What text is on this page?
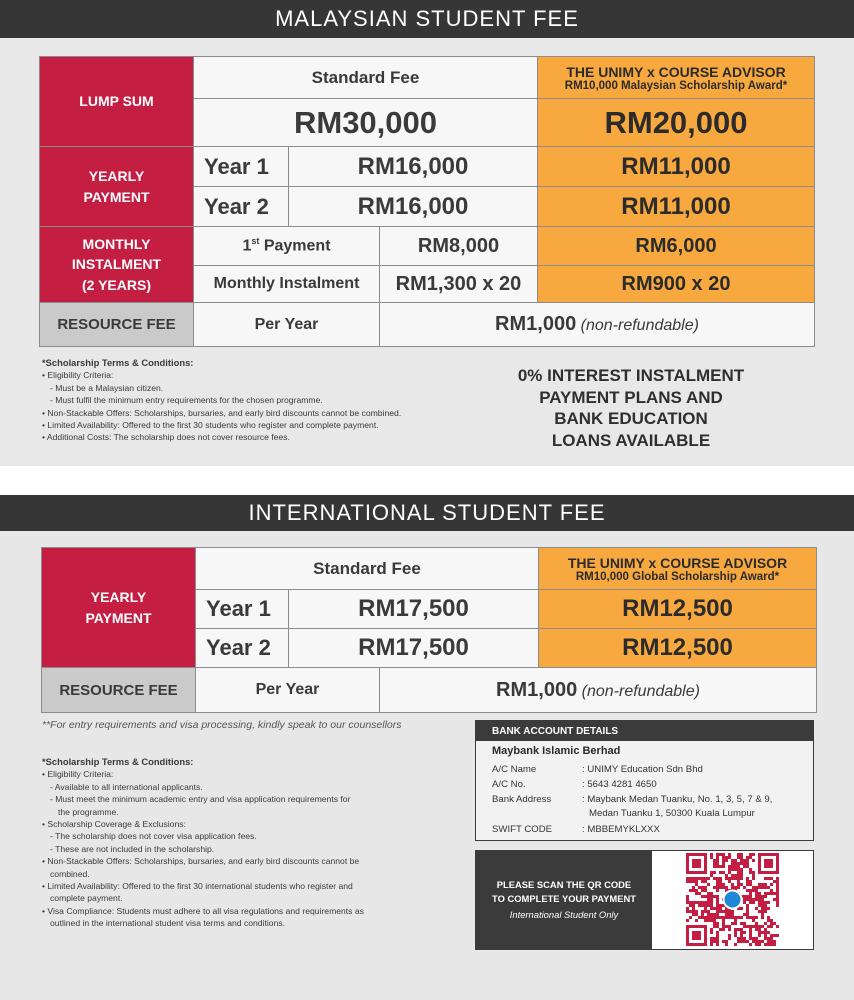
MALAYSIAN STUDENT FEE
LUMP SUM	Standard Fee			THE UNIMY x COURSE ADVISOR
RM10,000 Malaysian Scholarship Award*

	RM30,000			RM20,000
YEARLY PAYMENT	Year 1	RM16,000		RM11,000
	Year 2	RM16,000		RM11,000
MONTHLY
INSTALMENT
(2 YEARS)	1st Payment		RM8,000	RM6,000
	Monthly Instalment		RM1,300 x 20	RM900 x 20
RESOURCE FEE	Per Year		RM1,000 (non-refundable)	
*Scholarship Terms & Conditions:
• Eligibility Criteria:
- Must be a Malaysian citizen.
- Must fulfil the minimum entry requirements for the chosen programme.
• Non-Stackable Offers: Scholarships, bursaries, and early bird discounts cannot be combined.
• Limited Availability: Offered to the first 30 students who register and complete payment.
• Additional Costs: The scholarship does not cover resource fees.
0% INTEREST INSTALMENT
PAYMENT PLANS AND
BANK EDUCATION
LOANS AVAILABLE
INTERNATIONAL STUDENT FEE
YEARLY PAYMENT	Standard Fee			THE UNIMY x COURSE ADVISOR
RM10,000 Global Scholarship Award*

	Year 1	RM17,500		RM12,500
	Year 2	RM17,500		RM12,500
RESOURCE FEE	Per Year		RM1,000 (non-refundable)	
**For entry requirements and visa processing, kindly speak to our counsellors
*Scholarship Terms & Conditions:
• Eligibility Criteria:
- Available to all international applicants.
- Must meet the minimum academic entry and visa application requirements for
the programme.
• Scholarship Coverage & Exclusions:
- The scholarship does not cover visa application fees.
- These are not included in the scholarship.
• Non-Stackable Offers: Scholarships, bursaries, and early bird discounts cannot be
combined.
• Limited Availability: Offered to the first 30 international students who register and
complete payment.
• Visa Compliance: Students must adhere to all visa regulations and requirements as
outlined in the international student visa terms and conditions.
BANK ACCOUNT DETAILS
Maybank Islamic Berhad
A/C Name	: UNIMY Education Sdn Bhd
A/C No.	: 5643 4281 4650
Bank Address	: Maybank Medan Tuanku, No. 1, 3, 5, 7 & 9,
Medan Tuanku 1, 50300 Kuala Lumpur
SWIFT CODE	: MBBEMYKLXXX
PLEASE SCAN THE QR CODE
TO COMPLETE YOUR PAYMENT
International Student Only
